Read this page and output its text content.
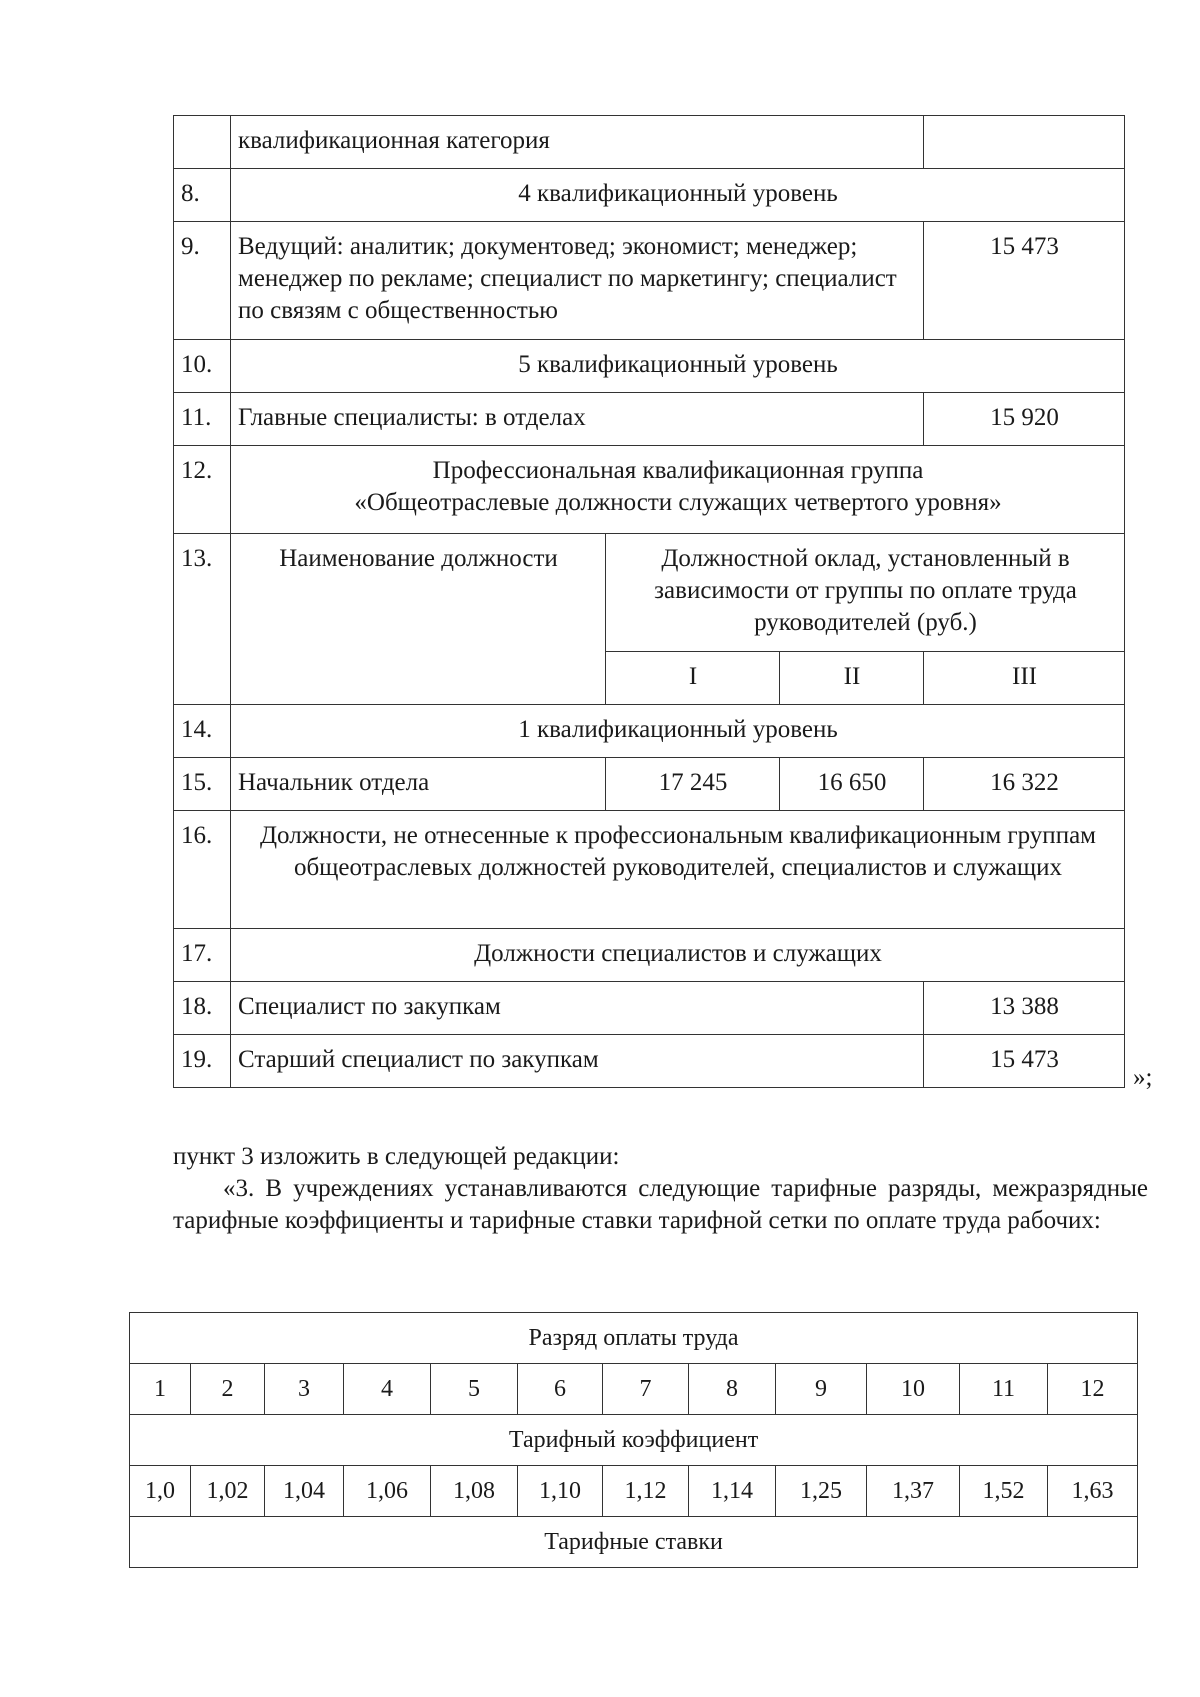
	квалификационная категория			
8.	4 квалификационный уровень			
9.	Ведущий: аналитик; документовед; экономист; менеджер; менеджер по рекламе; специалист по маркетингу; специалист по связям с общественностью			15 473
10.	5 квалификационный уровень			
11.	Главные специалисты: в отделах			15 920
12.	Профессиональная квалификационная группа
«Общеотраслевые должности служащих четвертого уровня»			

13.	Наименование должности	Должностной оклад, установленный в зависимости от группы по оплате труда руководителей (руб.)		
		I	II	III
14.	1 квалификационный уровень			
15.	Начальник отдела	17 245	16 650	16 322
16.	Должности, не отнесенные к профессиональным квалификационным группам общеотраслевых должностей руководителей, специалистов и служащих			
17.	Должности специалистов и служащих			
18.	Специалист по закупкам			13 388
19.	Старший специалист по закупкам			15 473
»;
пункт 3 изложить в следующей редакции:
«3. В учреждениях устанавливаются следующие тарифные разряды, межразрядные тарифные коэффициенты и тарифные ставки тарифной сетки по оплате труда рабочих:
Разряд оплаты труда											
1	2	3	4	5	6	7	8	9	10	11	12
Тарифный коэффициент											
1,0	1,02	1,04	1,06	1,08	1,10	1,12	1,14	1,25	1,37	1,52	1,63
Тарифные ставки											
